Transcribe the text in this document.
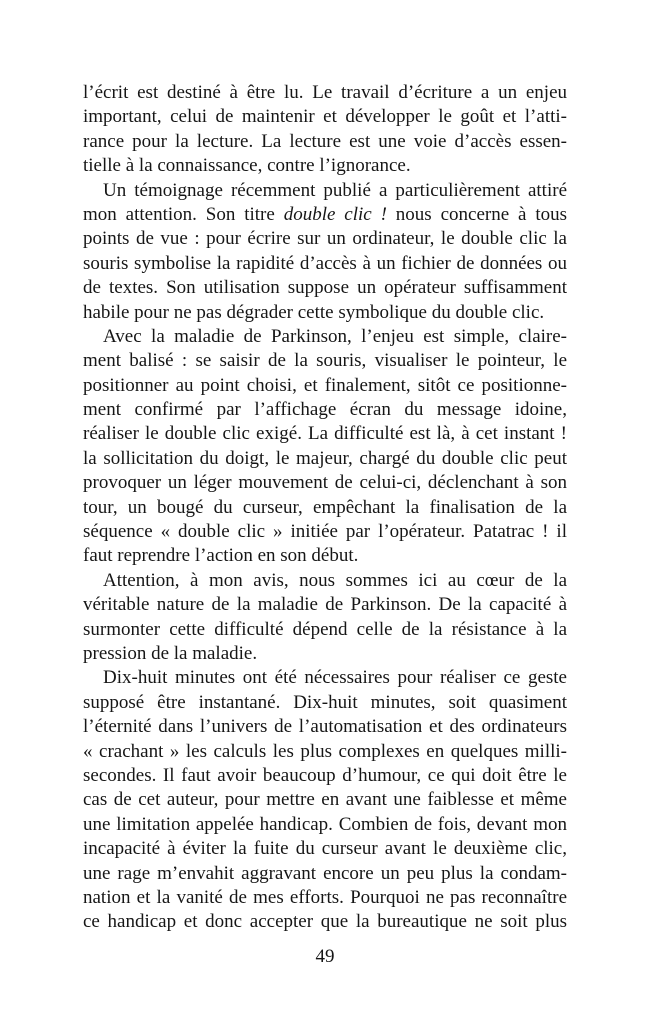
l’écrit est destiné à être lu. Le travail d’écriture a un enjeu
important, celui de maintenir et développer le goût et l’atti-
rance pour la lecture. La lecture est une voie d’accès essen-
tielle à la connaissance, contre l’ignorance.
Un témoignage récemment publié a particulièrement attiré
mon attention. Son titre double clic ! nous concerne à tous
points de vue : pour écrire sur un ordinateur, le double clic la
souris symbolise la rapidité d’accès à un fichier de données ou
de textes. Son utilisation suppose un opérateur suffisamment
habile pour ne pas dégrader cette symbolique du double clic.
Avec la maladie de Parkinson, l’enjeu est simple, claire-
ment balisé : se saisir de la souris, visualiser le pointeur, le
positionner au point choisi, et finalement, sitôt ce positionne-
ment confirmé par l’affichage écran du message idoine,
réaliser le double clic exigé. La difficulté est là, à cet instant !
la sollicitation du doigt, le majeur, chargé du double clic peut
provoquer un léger mouvement de celui-ci, déclenchant à son
tour, un bougé du curseur, empêchant la finalisation de la
séquence « double clic » initiée par l’opérateur. Patatrac ! il
faut reprendre l’action en son début.
Attention, à mon avis, nous sommes ici au cœur de la
véritable nature de la maladie de Parkinson. De la capacité à
surmonter cette difficulté dépend celle de la résistance à la
pression de la maladie.
Dix-huit minutes ont été nécessaires pour réaliser ce geste
supposé être instantané. Dix-huit minutes, soit quasiment
l’éternité dans l’univers de l’automatisation et des ordinateurs
« crachant » les calculs les plus complexes en quelques milli-
secondes. Il faut avoir beaucoup d’humour, ce qui doit être le
cas de cet auteur, pour mettre en avant une faiblesse et même
une limitation appelée handicap. Combien de fois, devant mon
incapacité à éviter la fuite du curseur avant le deuxième clic,
une rage m’envahit aggravant encore un peu plus la condam-
nation et la vanité de mes efforts. Pourquoi ne pas reconnaître
ce handicap et donc accepter que la bureautique ne soit plus
49
